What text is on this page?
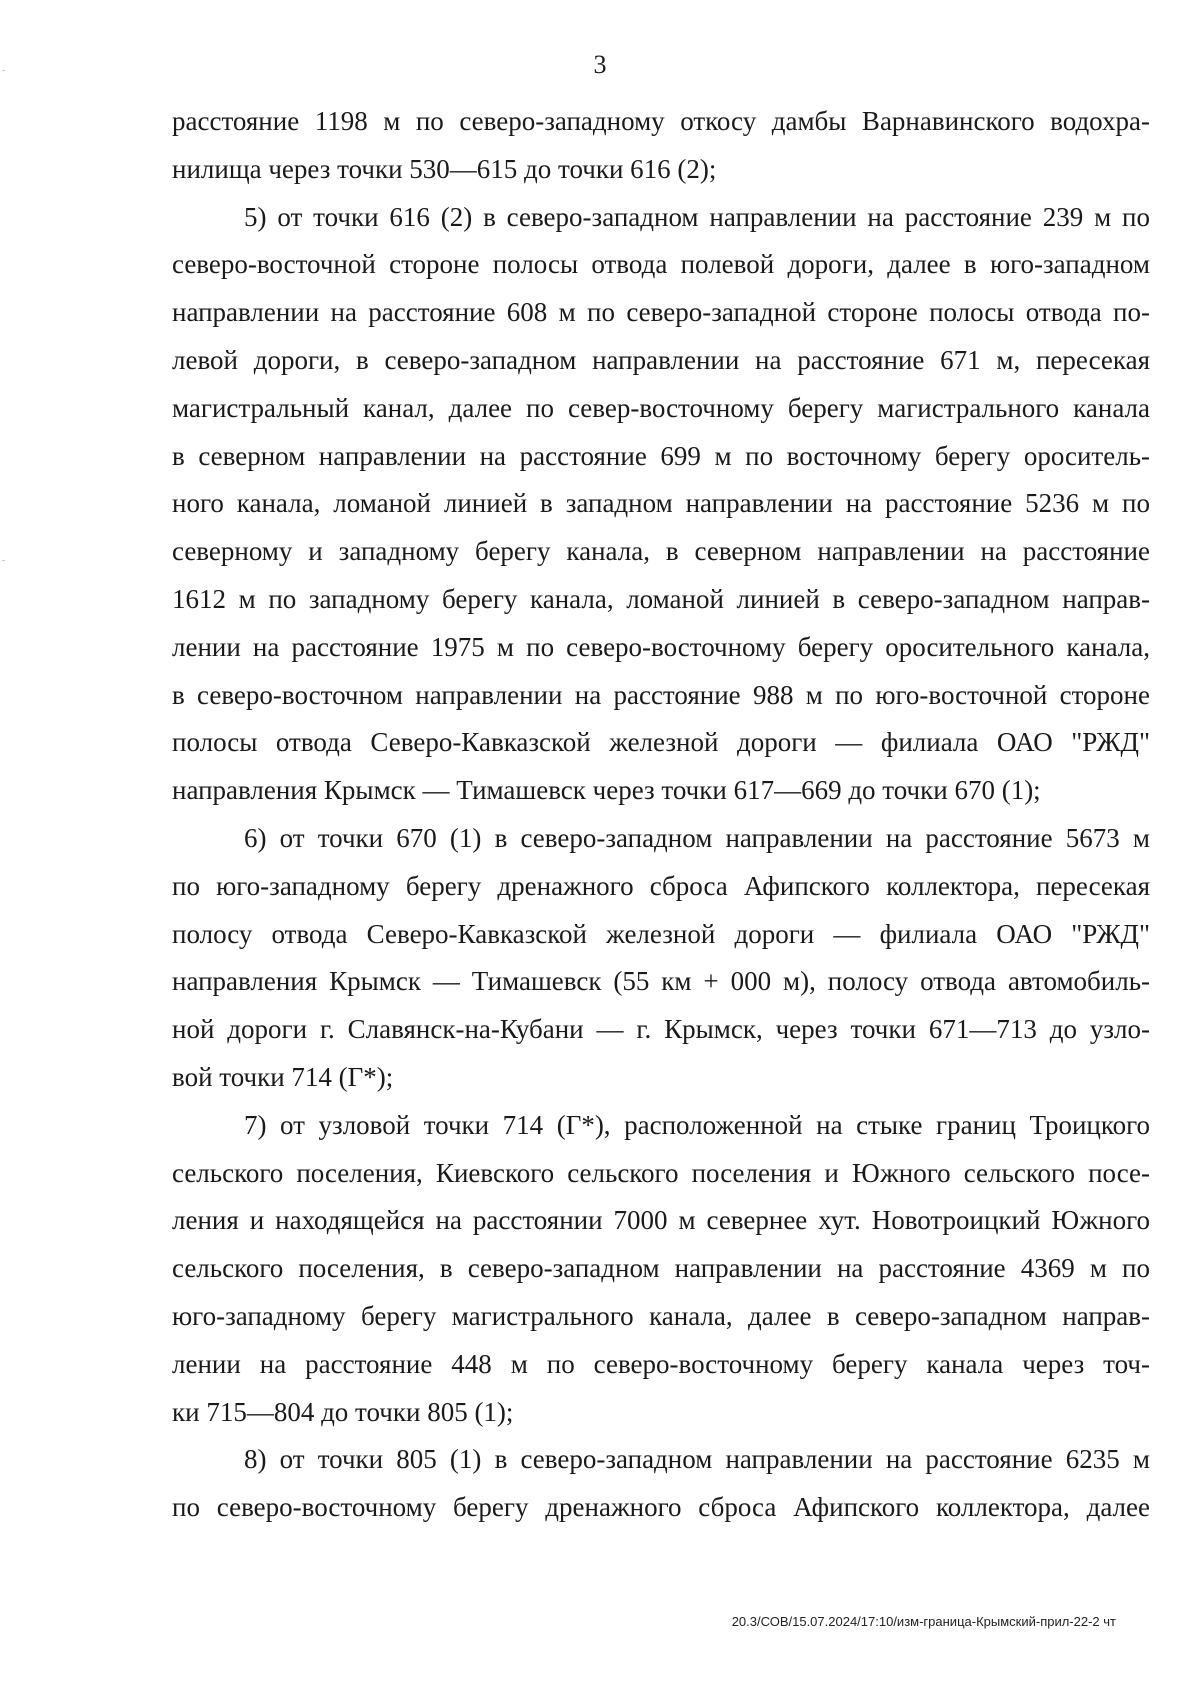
3
расстояние 1198 м по северо-западному откосу дамбы Варнавинского водохра-
нилища через точки 530—615 до точки 616 (2);
5) от точки 616 (2) в северо-западном направлении на расстояние 239 м по
северо-восточной стороне полосы отвода полевой дороги, далее в юго-западном
направлении на расстояние 608 м по северо-западной стороне полосы отвода по-
левой дороги, в северо-западном направлении на расстояние 671 м, пересекая
магистральный канал, далее по север-восточному берегу магистрального канала
в северном направлении на расстояние 699 м по восточному берегу ороситель-
ного канала, ломаной линией в западном направлении на расстояние 5236 м по
северному и западному берегу канала, в северном направлении на расстояние
1612 м по западному берегу канала, ломаной линией в северо-западном направ-
лении на расстояние 1975 м по северо-восточному берегу оросительного канала,
в северо-восточном направлении на расстояние 988 м по юго-восточной стороне
полосы отвода Северо-Кавказской железной дороги — филиала ОАО "РЖД"
направления Крымск — Тимашевск через точки 617—669 до точки 670 (1);
6) от точки 670 (1) в северо-западном направлении на расстояние 5673 м
по юго-западному берегу дренажного сброса Афипского коллектора, пересекая
полосу отвода Северо-Кавказской железной дороги — филиала ОАО "РЖД"
направления Крымск — Тимашевск (55 км + 000 м), полосу отвода автомобиль-
ной дороги г. Славянск-на-Кубани — г. Крымск, через точки 671—713 до узло-
вой точки 714 (Г*);
7) от узловой точки 714 (Г*), расположенной на стыке границ Троицкого
сельского поселения, Киевского сельского поселения и Южного сельского посе-
ления и находящейся на расстоянии 7000 м севернее хут. Новотроицкий Южного
сельского поселения, в северо-западном направлении на расстояние 4369 м по
юго-западному берегу магистрального канала, далее в северо-западном направ-
лении на расстояние 448 м по северо-восточному берегу канала через точ-
ки 715—804 до точки 805 (1);
8) от точки 805 (1) в северо-западном направлении на расстояние 6235 м
по северо-восточному берегу дренажного сброса Афипского коллектора, далее
20.3/СОВ/15.07.2024/17:10/изм-граница-Крымский-прил-22-2 чт
